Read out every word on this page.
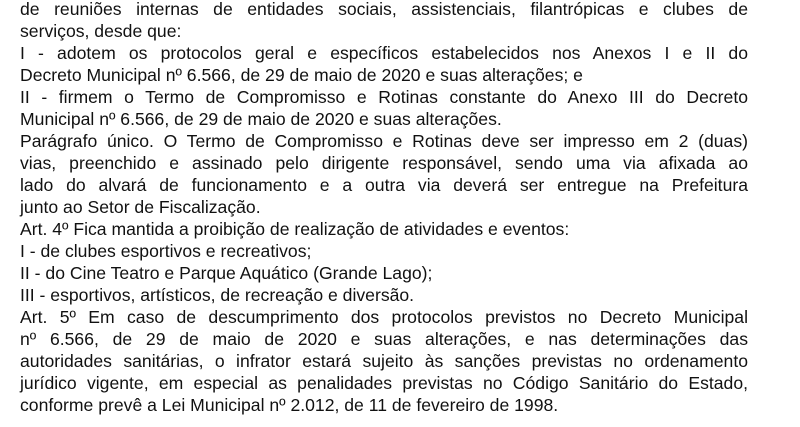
de reuniões internas de entidades sociais, assistenciais, filantrópicas e clubes de
serviços, desde que:
I - adotem os protocolos geral e específicos estabelecidos nos Anexos I e II do
Decreto Municipal nº 6.566, de 29 de maio de 2020 e suas alterações; e
II - firmem o Termo de Compromisso e Rotinas constante do Anexo III do Decreto
Municipal nº 6.566, de 29 de maio de 2020 e suas alterações.
Parágrafo único. O Termo de Compromisso e Rotinas deve ser impresso em 2 (duas)
vias, preenchido e assinado pelo dirigente responsável, sendo uma via afixada ao
lado do alvará de funcionamento e a outra via deverá ser entregue na Prefeitura
junto ao Setor de Fiscalização.
Art. 4º Fica mantida a proibição de realização de atividades e eventos:
I - de clubes esportivos e recreativos;
II - do Cine Teatro e Parque Aquático (Grande Lago);
III - esportivos, artísticos, de recreação e diversão.
Art. 5º Em caso de descumprimento dos protocolos previstos no Decreto Municipal
nº 6.566, de 29 de maio de 2020 e suas alterações, e nas determinações das
autoridades sanitárias, o infrator estará sujeito às sanções previstas no ordenamento
jurídico vigente, em especial as penalidades previstas no Código Sanitário do Estado,
conforme prevê a Lei Municipal nº 2.012, de 11 de fevereiro de 1998.
